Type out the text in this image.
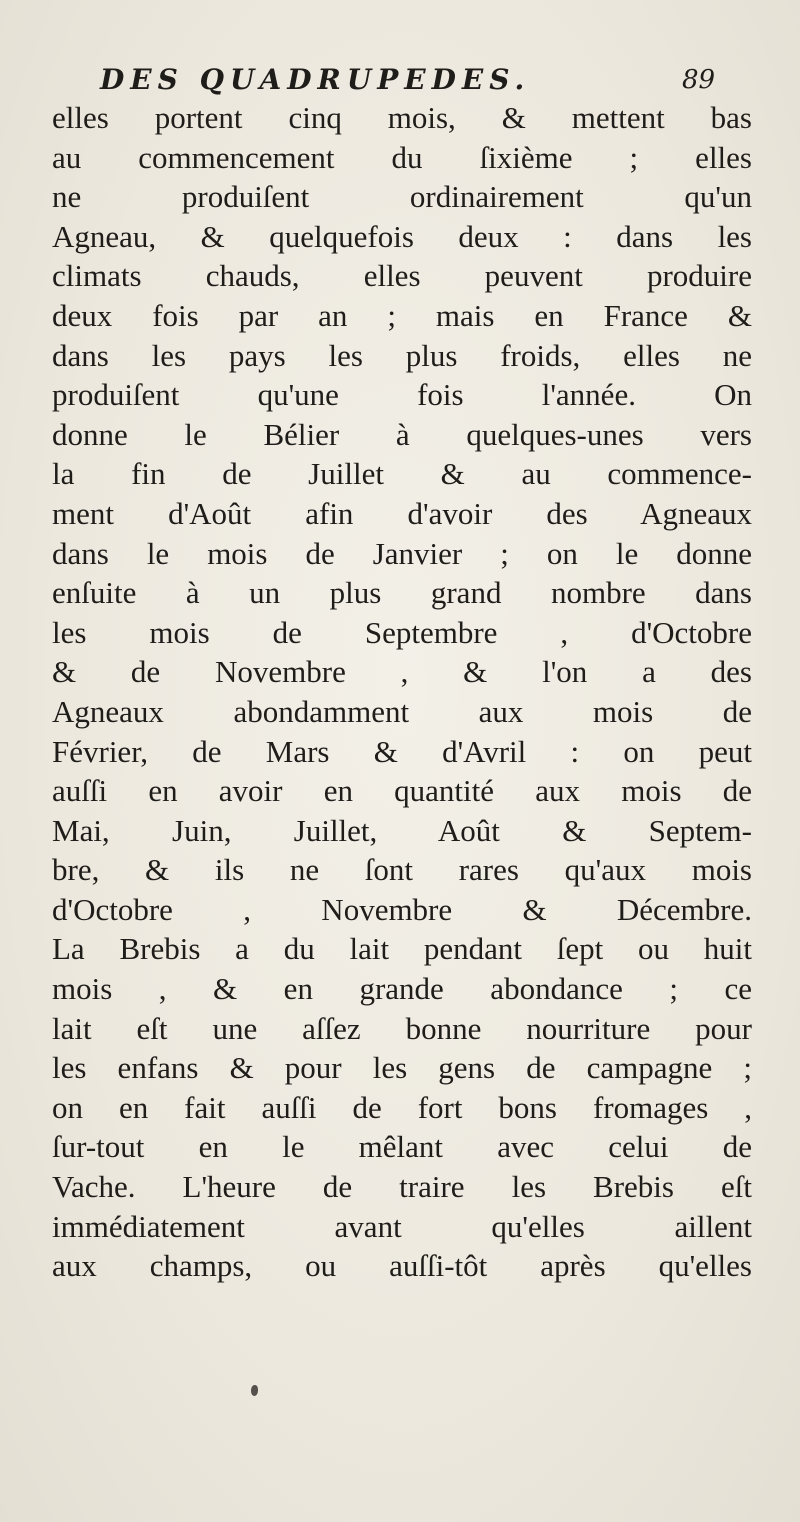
DES QUADRUPEDES.	89
elles portent cinq mois, & mettent bas
au commencement du ſixième ; elles
ne produiſent ordinairement qu'un
Agneau, & quelquefois deux : dans les
climats chauds, elles peuvent produire
deux fois par an ; mais en France &
dans les pays les plus froids, elles ne
produiſent qu'une fois l'année. On
donne le Bélier à quelques-unes vers
la fin de Juillet & au commence-
ment d'Août afin d'avoir des Agneaux
dans le mois de Janvier ; on le donne
enſuite à un plus grand nombre dans
les mois de Septembre , d'Octobre
& de Novembre , & l'on a des
Agneaux abondamment aux mois de
Février, de Mars & d'Avril : on peut
auſſi en avoir en quantité aux mois de
Mai, Juin, Juillet, Août & Septem-
bre, & ils ne ſont rares qu'aux mois
d'Octobre , Novembre & Décembre.
La Brebis a du lait pendant ſept ou huit
mois , & en grande abondance ; ce
lait eſt une aſſez bonne nourriture pour
les enfans & pour les gens de campagne ;
on en fait auſſi de fort bons fromages ,
ſur-tout en le mêlant avec celui de
Vache. L'heure de traire les Brebis eſt
immédiatement avant qu'elles aillent
aux champs, ou auſſi-tôt après qu'elles
